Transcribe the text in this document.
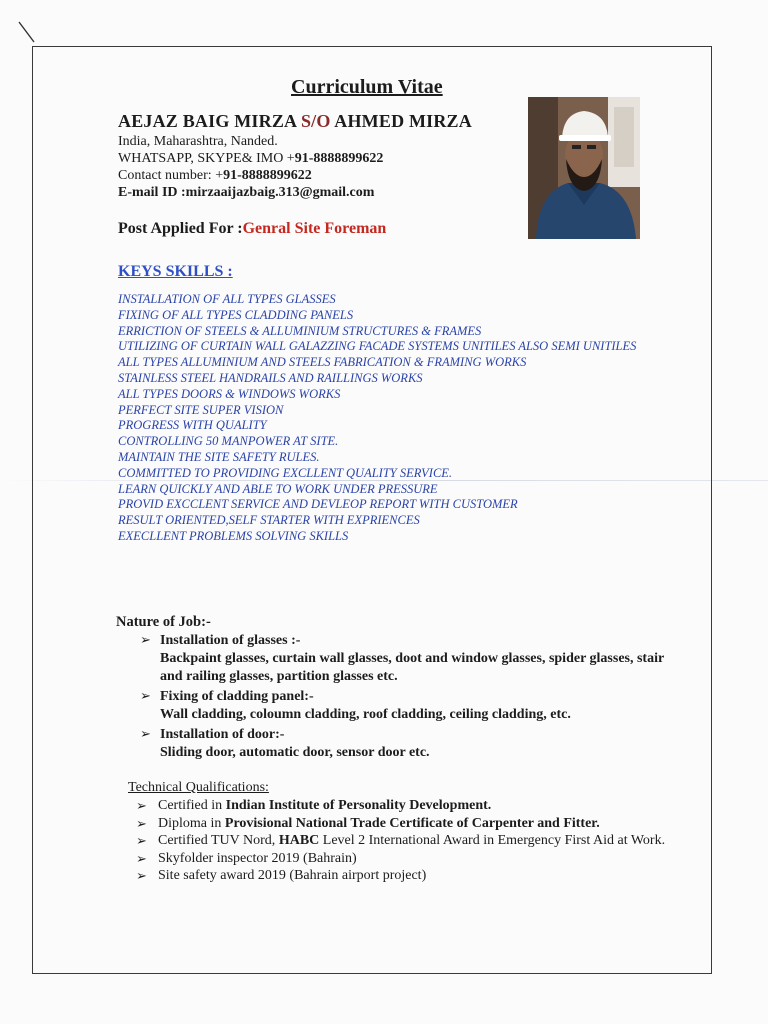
Curriculum Vitae
AEJAZ BAIG MIRZA S/O AHMED MIRZA
India, Maharashtra, Nanded.
WHATSAPP, SKYPE& IMO +91-8888899622
Contact number: +91-8888899622
E-mail ID :mirzaaijazbaig.313@gmail.com
Post Applied For :Genral Site Foreman
KEYS SKILLS :
INSTALLATION OF ALL TYPES GLASSES
FIXING OF ALL TYPES CLADDING PANELS
ERRICTION OF STEELS & ALLUMINIUM STRUCTURES & FRAMES
UTILIZING OF CURTAIN WALL GALAZZING FACADE SYSTEMS UNITILES ALSO SEMI UNITILES
ALL TYPES ALLUMINIUM AND STEELS FABRICATION & FRAMING WORKS
STAINLESS STEEL HANDRAILS AND RAILLINGS WORKS
ALL TYPES DOORS & WINDOWS WORKS
PERFECT SITE SUPER VISION
PROGRESS WITH QUALITY
CONTROLLING 50 MANPOWER AT SITE.
MAINTAIN THE SITE SAFETY RULES.
COMMITTED TO PROVIDING EXCLLENT QUALITY SERVICE.
LEARN QUICKLY AND ABLE TO WORK UNDER PRESSURE
PROVID EXCCLENT SERVICE AND DEVLEOP REPORT WITH CUSTOMER
RESULT ORIENTED,SELF STARTER WITH EXPRIENCES
EXECLLENT PROBLEMS SOLVING SKILLS
Nature of Job:-
➢ Installation of glasses :-
Backpaint glasses, curtain wall glasses, doot and window glasses, spider glasses, stair and railing glasses, partition glasses etc.
➢ Fixing of cladding panel:-
Wall cladding, coloumn cladding, roof cladding, ceiling cladding, etc.
➢ Installation of door:-
Sliding door, automatic door, sensor door etc.
Technical Qualifications:
➢ Certified in Indian Institute of Personality Development.
➢ Diploma in Provisional National Trade Certificate of Carpenter and Fitter.
➢ Certified TUV Nord, HABC Level 2 International Award in Emergency First Aid at Work.
➢ Skyfolder inspector 2019 (Bahrain)
➢ Site safety award 2019 (Bahrain airport project)
